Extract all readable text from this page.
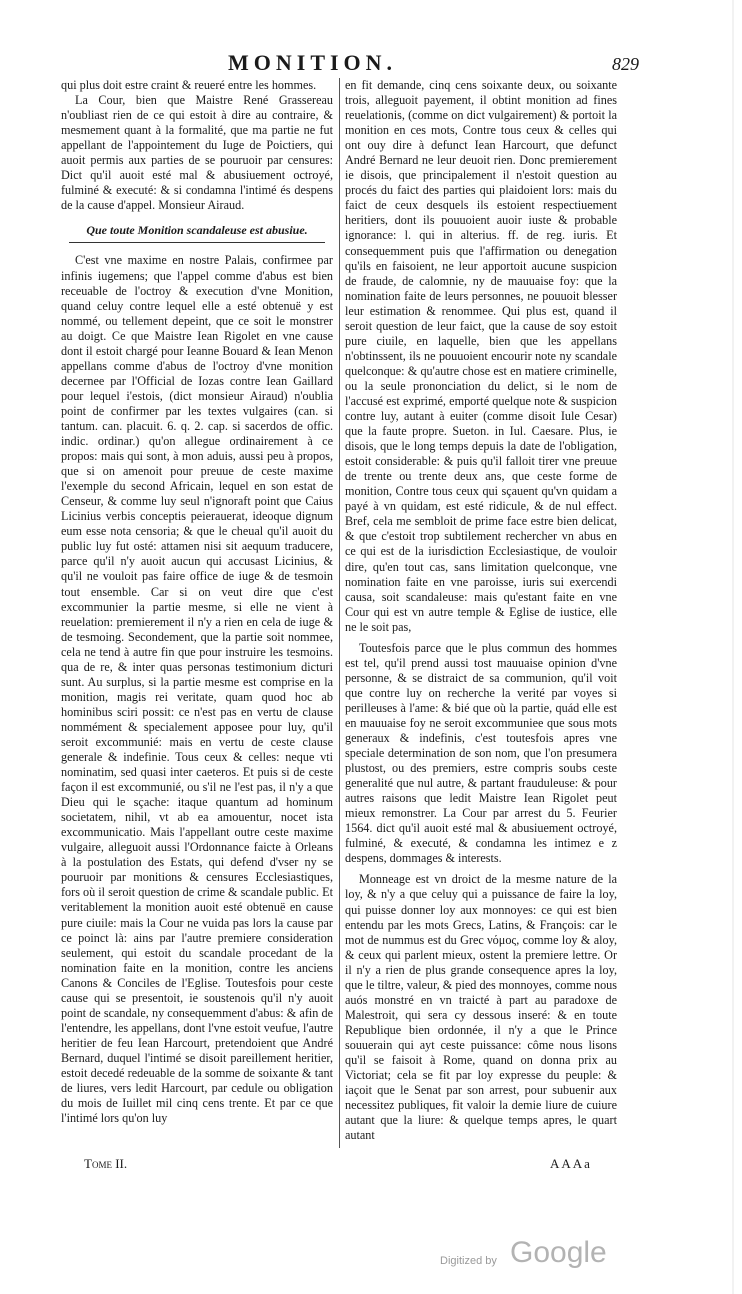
MONITION.	829

qui plus doit estre craint & reueré entre les hommes.

La Cour, bien que Maistre René Grassereau n'oubliast rien de ce qui estoit à dire au contraire, & mesmement quant à la formalité, que ma partie ne fut appellant de l'appointement du Iuge de Poictiers, qui auoit permis aux parties de se pouruoir par censures: Dict qu'il auoit esté mal & abusiuement octroyé, fulminé & executé: & si condamna l'intimé és despens de la cause d'appel. Monsieur Airaud.

Que toute Monition scandaleuse est abusiue.

C'est vne maxime en nostre Palais, confirmee par infinis iugemens; que l'appel comme d'abus est bien receuable de l'octroy & execution d'vne Monition, quand celuy contre lequel elle a esté obtenuë y est nommé, ou tellement depeint, que ce soit le monstrer au doigt. Ce que Maistre Iean Rigolet en vne cause dont il estoit chargé pour Ieanne Bouard & Iean Menon appellans comme d'abus de l'octroy d'vne monition decernee par l'Official de Iozas contre Iean Gaillard pour lequel i'estois, (dict monsieur Airaud) n'oublia point de confirmer par les textes vulgaires (can. si tantum. can. placuit. 6. q. 2. cap. si sacerdos de offic. indic. ordinar.) qu'on allegue ordinairement à ce propos: mais qui sont, à mon aduis, aussi peu à propos, que si on amenoit pour preuue de ceste maxime l'exemple du second Africain, lequel en son estat de Censeur, & comme luy seul n'ignoraft point que Caius Licinius verbis conceptis peierauerat, ideoque dignum eum esse nota censoria; & que le cheual qu'il auoit du public luy fut osté: attamen nisi sit aequum traducere, parce qu'il n'y auoit aucun qui accusast Licinius, & qu'il ne vouloit pas faire office de iuge & de tesmoin tout ensemble. Car si on veut dire que c'est excommunier la partie mesme, si elle ne vient à reuelation: premierement il n'y a rien en cela de iuge & de tesmoing. Secondement, que la partie soit nommee, cela ne tend à autre fin que pour instruire les tesmoins. qua de re, & inter quas personas testimonium dicturi sunt. Au surplus, si la partie mesme est comprise en la monition, magis rei veritate, quam quod hoc ab hominibus sciri possit: ce n'est pas en vertu de clause nommément & specialement apposee pour luy, qu'il seroit excommunié: mais en vertu de ceste clause generale & indefinie. Tous ceux & celles: neque vti nominatim, sed quasi inter caeteros. Et puis si de ceste façon il est excommunié, ou s'il ne l'est pas, il n'y a que Dieu qui le sçache: itaque quantum ad hominum societatem, nihil, vt ab ea amouentur, nocet ista excommunicatio. Mais l'appellant outre ceste maxime vulgaire, alleguoit aussi l'Ordonnance faicte à Orleans à la postulation des Estats, qui defend d'vser ny se pouruoir par monitions & censures Ecclesiastiques, fors où il seroit question de crime & scandale public. Et veritablement la monition auoit esté obtenuë en cause pure ciuile: mais la Cour ne vuida pas lors la cause par ce poinct là: ains par l'autre premiere consideration seulement, qui estoit du scandale procedant de la nomination faite en la monition, contre les anciens Canons & Conciles de l'Eglise. Toutesfois pour ceste cause qui se presentoit, ie soustenois qu'il n'y auoit point de scandale, ny consequemment d'abus: & afin de l'entendre, les appellans, dont l'vne estoit veufue, l'autre heritier de feu Iean Harcourt, pretendoient que André Bernard, duquel l'intimé se disoit pareillement heritier, estoit decedé redeuable de la somme de soixante & tant de liures, vers ledit Harcourt, par cedule ou obligation du mois de Iuillet mil cinq cens trente. Et par ce que l'intimé lors qu'on luy

en fit demande, cinq cens soixante deux, ou soixante trois, alleguoit payement, il obtint monition ad fines reuelationis, (comme on dict vulgairement) & portoit la monition en ces mots, Contre tous ceux & celles qui ont ouy dire à defunct Iean Harcourt, que defunct André Bernard ne leur deuoit rien. Donc premierement ie disois, que principalement il n'estoit question au procés du faict des parties qui plaidoient lors: mais du faict de ceux desquels ils estoient respectiuement heritiers, dont ils pouuoient auoir iuste & probable ignorance: l. qui in alterius. ff. de reg. iuris. Et consequemment puis que l'affirmation ou denegation qu'ils en faisoient, ne leur apportoit aucune suspicion de fraude, de calomnie, ny de mauuaise foy: que la nomination faite de leurs personnes, ne pouuoit blesser leur estimation & renommee. Qui plus est, quand il seroit question de leur faict, que la cause de soy estoit pure ciuile, en laquelle, bien que les appellans n'obtinssent, ils ne pouuoient encourir note ny scandale quelconque: & qu'autre chose est en matiere criminelle, ou la seule prononciation du delict, si le nom de l'accusé est exprimé, emporté quelque note & suspicion contre luy, autant à euiter (comme disoit Iule Cesar) que la faute propre. Sueton. in Iul. Caesare. Plus, ie disois, que le long temps depuis la date de l'obligation, estoit considerable: & puis qu'il falloit tirer vne preuue de trente ou trente deux ans, que ceste forme de monition, Contre tous ceux qui sçauent qu'vn quidam a payé à vn quidam, est esté ridicule, & de nul effect. Bref, cela me sembloit de prime face estre bien delicat, & que c'estoit trop subtilement rechercher vn abus en ce qui est de la iurisdiction Ecclesiastique, de vouloir dire, qu'en tout cas, sans limitation quelconque, vne nomination faite en vne paroisse, iuris sui exercendi causa, soit scandaleuse: mais qu'estant faite en vne Cour qui est vn autre temple & Eglise de iustice, elle ne le soit pas,

Toutesfois parce que le plus commun des hommes est tel, qu'il prend aussi tost mauuaise opinion d'vne personne, & se distraict de sa communion, qu'il voit que contre luy on recherche la verité par voyes si perilleuses à l'ame: & bié que où la partie, quád elle est en mauuaise foy ne seroit excommuniee que sous mots generaux & indefinis, c'est toutesfois apres vne speciale determination de son nom, que l'on presumera plustost, ou des premiers, estre compris soubs ceste generalité que nul autre, & partant frauduleuse: & pour autres raisons que ledit Maistre Iean Rigolet peut mieux remonstrer. La Cour par arrest du 5. Feurier 1564. dict qu'il auoit esté mal & abusiuement octroyé, fulminé, & executé, & condamna les intimez e z despens, dommages & interests.

Monneage est vn droict de la mesme nature de la loy, & n'y a que celuy qui a puissance de faire la loy, qui puisse donner loy aux monnoyes: ce qui est bien entendu par les mots Grecs, Latins, & François: car le mot de nummus est du Grec νόμος, comme loy & aloy, & ceux qui parlent mieux, ostent la premiere lettre. Or il n'y a rien de plus grande consequence apres la loy, que le tiltre, valeur, & pied des monnoyes, comme nous auós monstré en vn traicté à part au paradoxe de Malestroit, qui sera cy dessous inseré: & en toute Republique bien ordonnée, il n'y a que le Prince souuerain qui ayt ceste puissance: côme nous lisons qu'il se faisoit à Rome, quand on donna prix au Victoriat; cela se fit par loy expresse du peuple: & iaçoit que le Senat par son arrest, pour subuenir aux necessitez publiques, fit valoir la demie liure de cuiure autant que la liure: & quelque temps apres, le quart autant

Tome II.	AAAa
Digitized by Google
